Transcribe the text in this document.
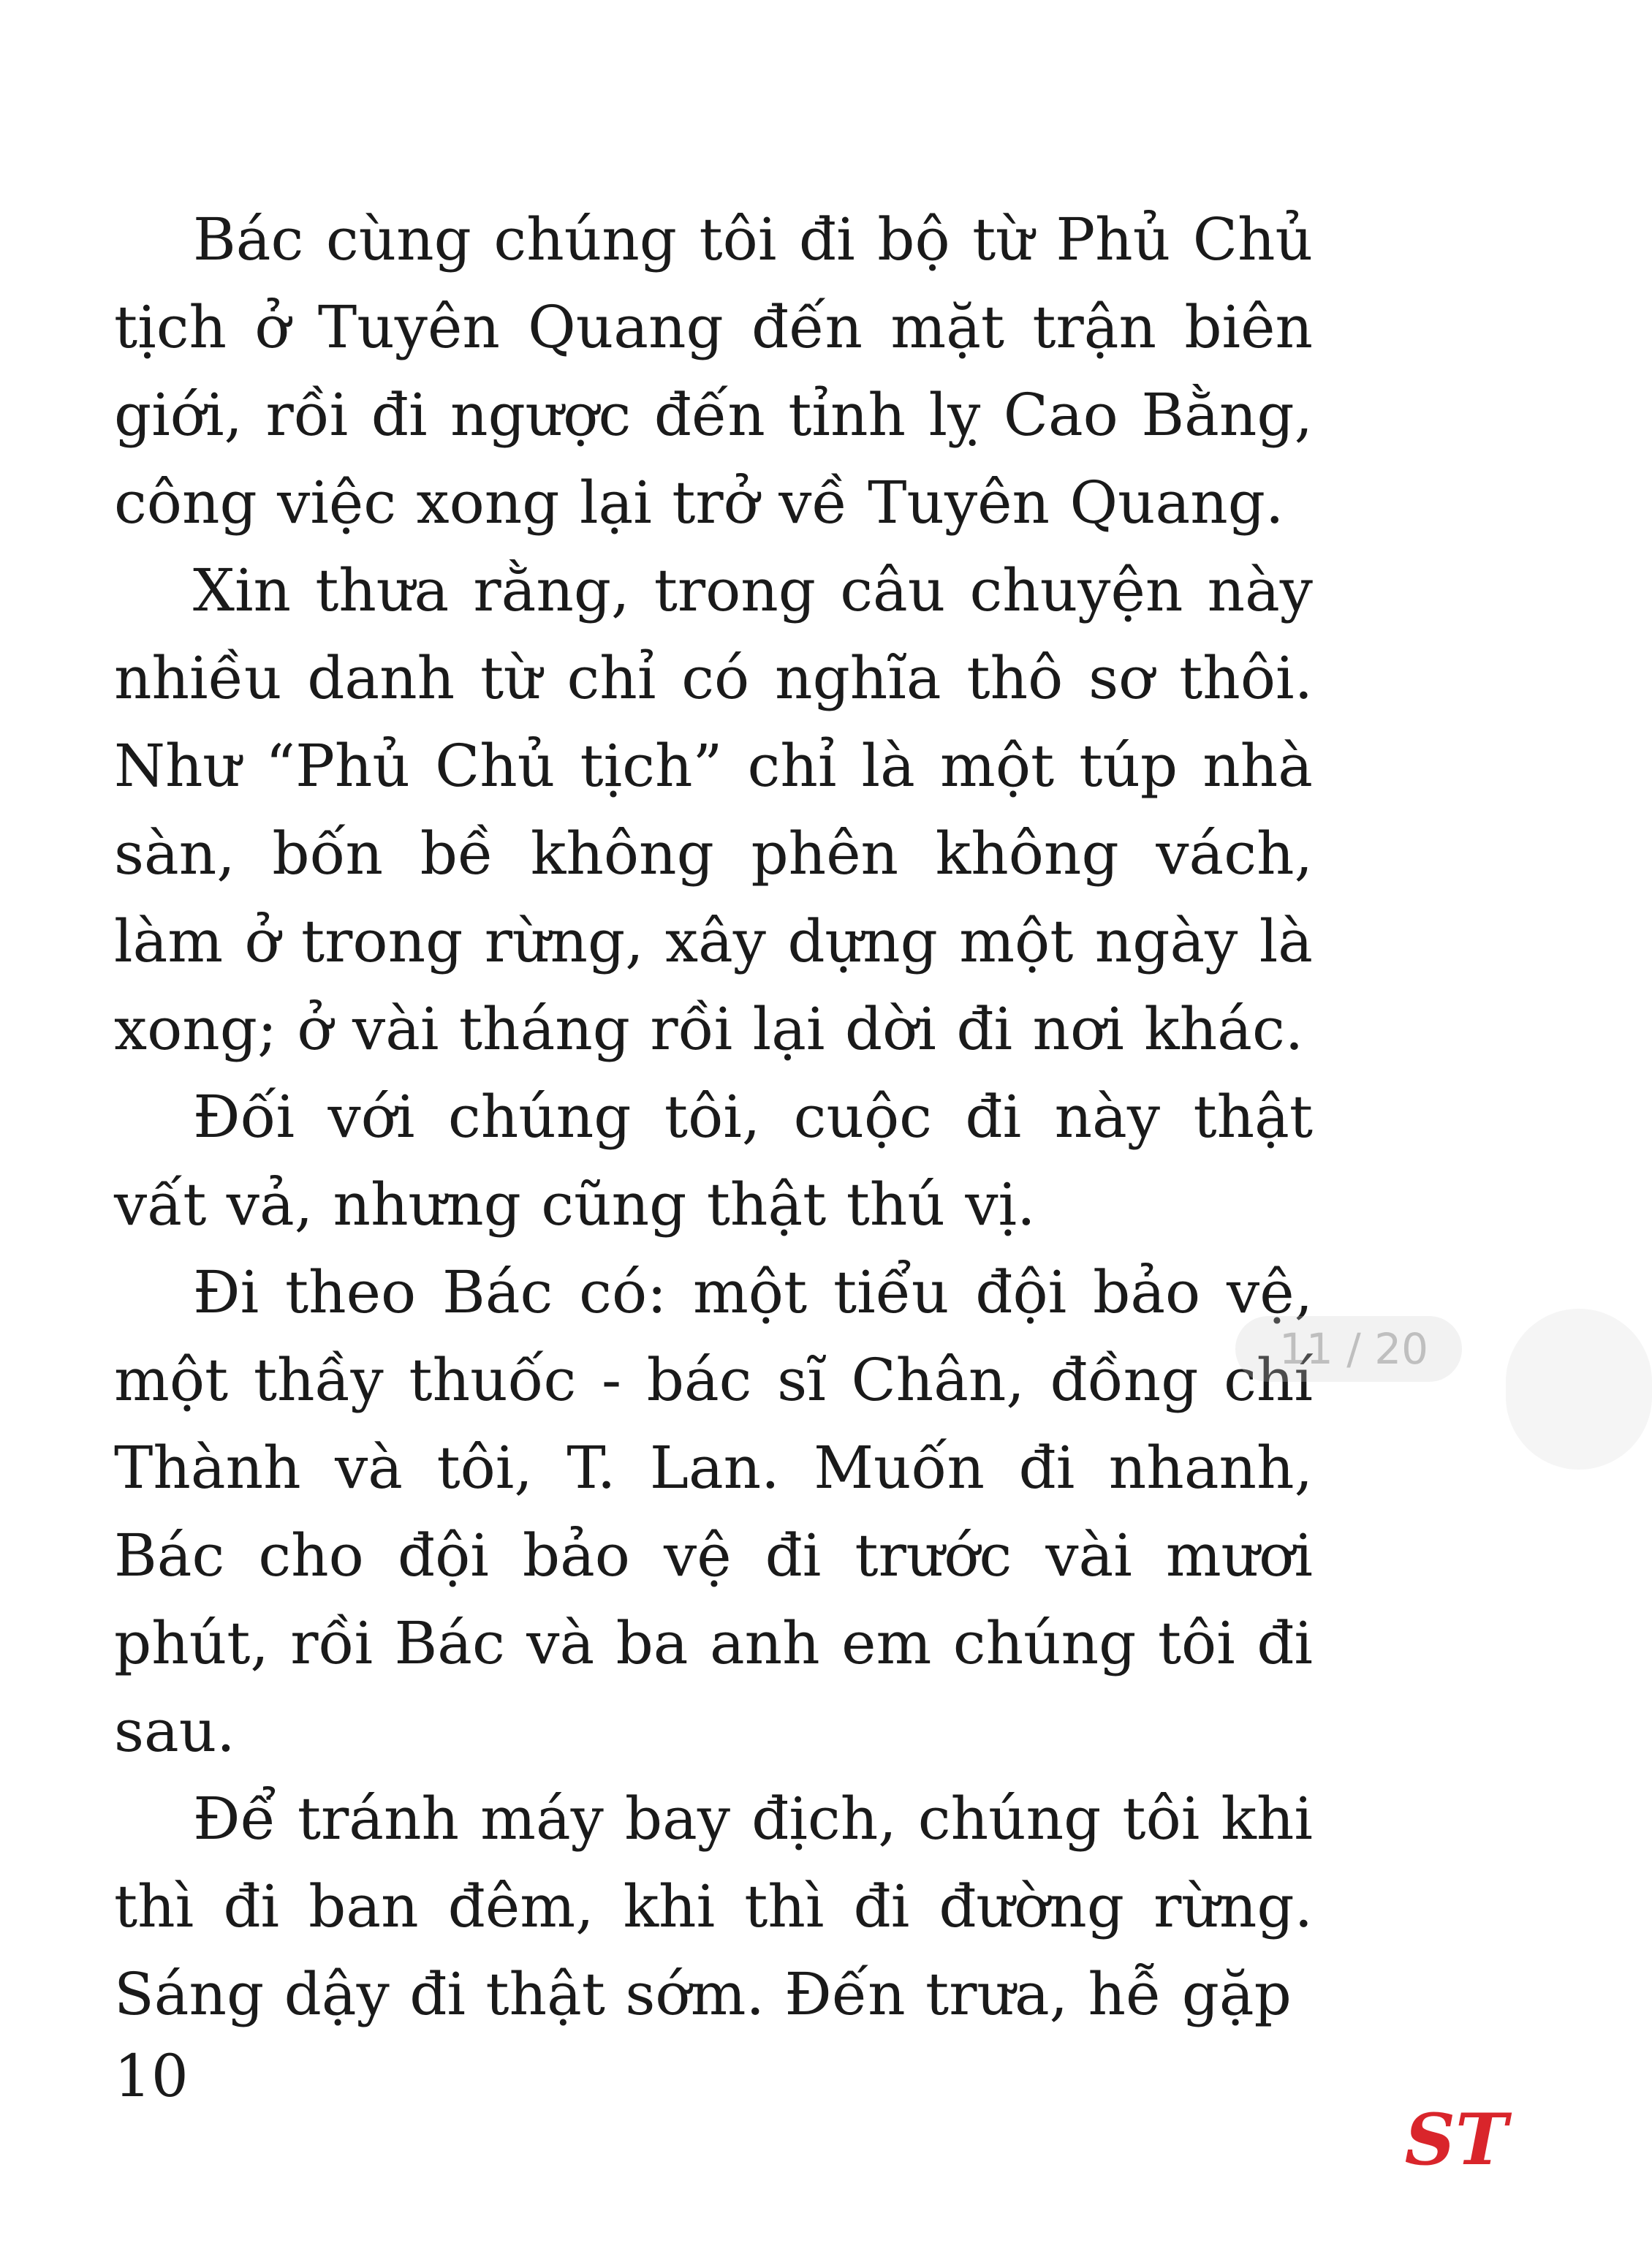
Bác cùng chúng tôi đi bộ từ Phủ Chủ tịch ở Tuyên Quang đến mặt trận biên giới, rồi đi ngược đến tỉnh lỵ Cao Bằng, công việc xong lại trở về Tuyên Quang.

Xin thưa rằng, trong câu chuyện này nhiều danh từ chỉ có nghĩa thô sơ thôi. Như “Phủ Chủ tịch” chỉ là một túp nhà sàn, bốn bề không phên không vách, làm ở trong rừng, xây dựng một ngày là xong; ở vài tháng rồi lại dời đi nơi khác.

Đối với chúng tôi, cuộc đi này thật vất vả, nhưng cũng thật thú vị.

Đi theo Bác có: một tiểu đội bảo vệ, một thầy thuốc - bác sĩ Chân, đồng chí Thành và tôi, T. Lan. Muốn đi nhanh, Bác cho đội bảo vệ đi trước vài mươi phút, rồi Bác và ba anh em chúng tôi đi sau.

Để tránh máy bay địch, chúng tôi khi thì đi ban đêm, khi thì đi đường rừng. Sáng dậy đi thật sớm. Đến trưa, hễ gặp

10
11 / 20
ST
